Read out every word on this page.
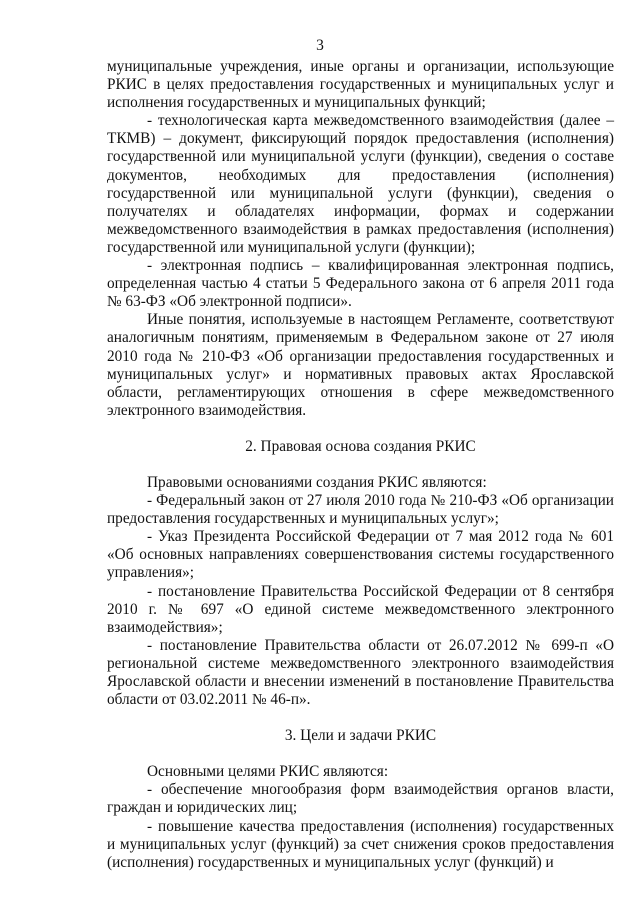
3

муниципальные учреждения, иные органы и организации, использующие РКИС в целях предоставления государственных и муниципальных услуг и исполнения государственных и муниципальных функций;

- технологическая карта межведомственного взаимодействия (далее – ТКМВ) – документ, фиксирующий порядок предоставления (исполнения) государственной или муниципальной услуги (функции), сведения о составе документов, необходимых для предоставления (исполнения) государственной или муниципальной услуги (функции), сведения о получателях и обладателях информации, формах и содержании межведомственного взаимодействия в рамках предоставления (исполнения) государственной или муниципальной услуги (функции);

- электронная подпись – квалифицированная электронная подпись, определенная частью 4 статьи 5 Федерального закона от 6 апреля 2011 года № 63-ФЗ «Об электронной подписи».

Иные понятия, используемые в настоящем Регламенте, соответствуют аналогичным понятиям, применяемым в Федеральном законе от 27 июля 2010 года № 210-ФЗ «Об организации предоставления государственных и муниципальных услуг» и нормативных правовых актах Ярославской области, регламентирующих отношения в сфере межведомственного электронного взаимодействия.

2. Правовая основа создания РКИС

Правовыми основаниями создания РКИС являются:

- Федеральный закон от 27 июля 2010 года № 210-ФЗ «Об организации предоставления государственных и муниципальных услуг»;

- Указ Президента Российской Федерации от 7 мая 2012 года № 601 «Об основных направлениях совершенствования системы государственного управления»;

- постановление Правительства Российской Федерации от 8 сентября 2010 г. № 697 «О единой системе межведомственного электронного взаимодействия»;

- постановление Правительства области от 26.07.2012 № 699-п «О региональной системе межведомственного электронного взаимодействия Ярославской области и внесении изменений в постановление Правительства области от 03.02.2011 № 46-п».

3. Цели и задачи РКИС

Основными целями РКИС являются:

- обеспечение многообразия форм взаимодействия органов власти, граждан и юридических лиц;

- повышение качества предоставления (исполнения) государственных и муниципальных услуг (функций) за счет снижения сроков предоставления (исполнения) государственных и муниципальных услуг (функций) и
